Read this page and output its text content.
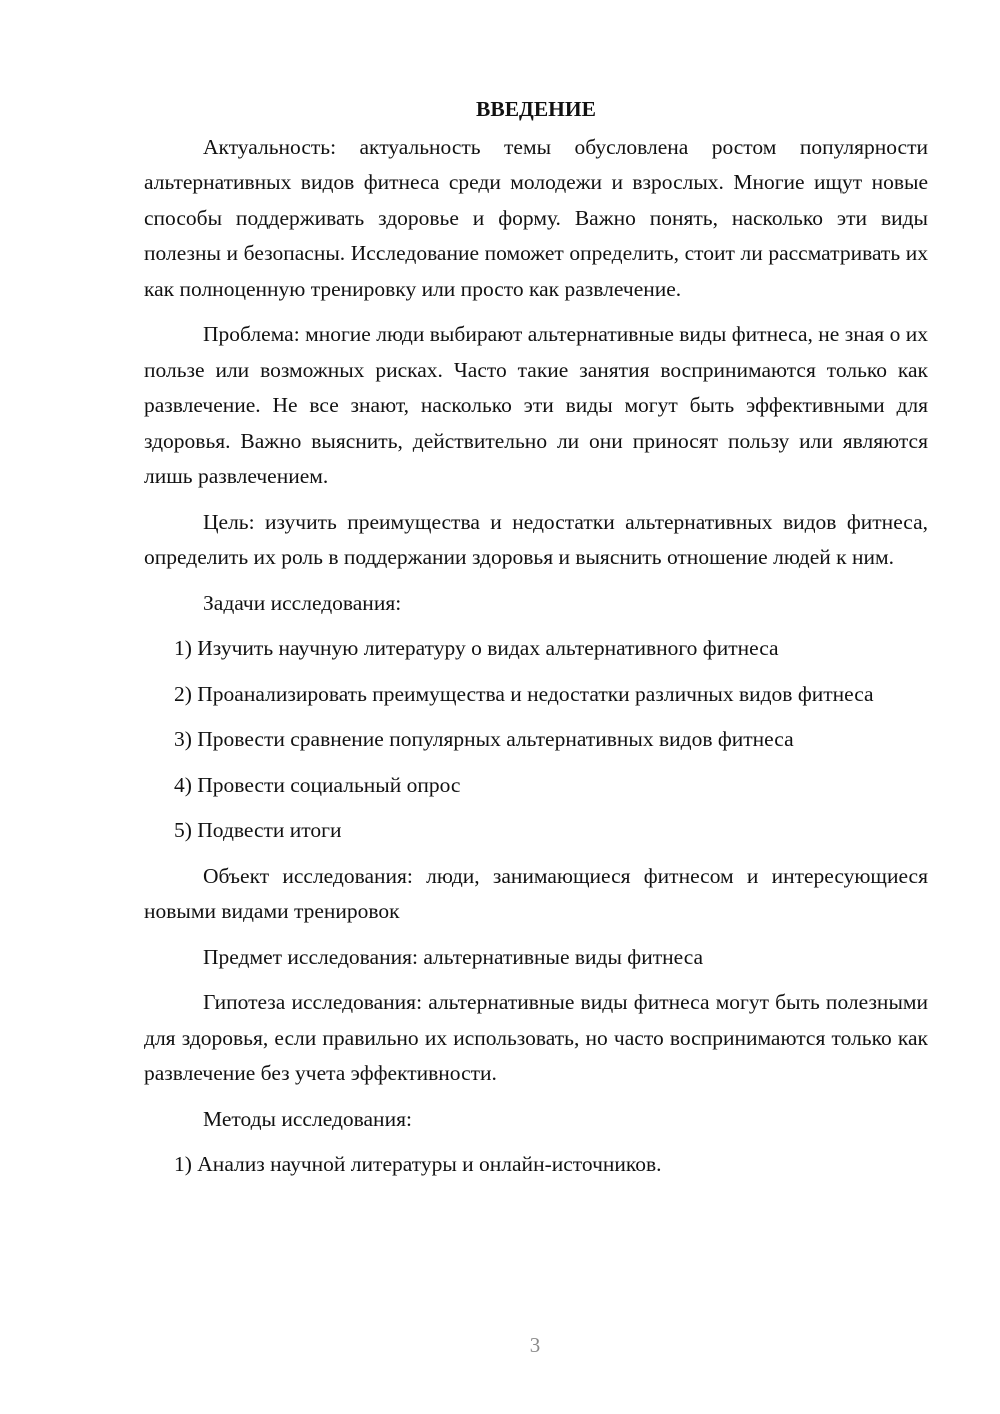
ВВЕДЕНИЕ

Актуальность: актуальность темы обусловлена ростом популярности альтернативных видов фитнеса среди молодежи и взрослых. Многие ищут новые способы поддерживать здоровье и форму. Важно понять, насколько эти виды полезны и безопасны. Исследование поможет определить, стоит ли рассматривать их как полноценную тренировку или просто как развлечение.

Проблема: многие люди выбирают альтернативные виды фитнеса, не зная о их пользе или возможных рисках. Часто такие занятия воспринимаются только как развлечение. Не все знают, насколько эти виды могут быть эффективными для здоровья. Важно выяснить, действительно ли они приносят пользу или являются лишь развлечением.

Цель: изучить преимущества и недостатки альтернативных видов фитнеса, определить их роль в поддержании здоровья и выяснить отношение людей к ним.

Задачи исследования:

1) Изучить научную литературу о видах альтернативного фитнеса

2) Проанализировать преимущества и недостатки различных видов фитнеса

3) Провести сравнение популярных альтернативных видов фитнеса

4) Провести социальный опрос

5) Подвести итоги

Объект исследования: люди, занимающиеся фитнесом и интересующиеся новыми видами тренировок

Предмет исследования: альтернативные виды фитнеса

Гипотеза исследования: альтернативные виды фитнеса могут быть полезными для здоровья, если правильно их использовать, но часто воспринимаются только как развлечение без учета эффективности.

Методы исследования:

1) Анализ научной литературы и онлайн-источников.

3
